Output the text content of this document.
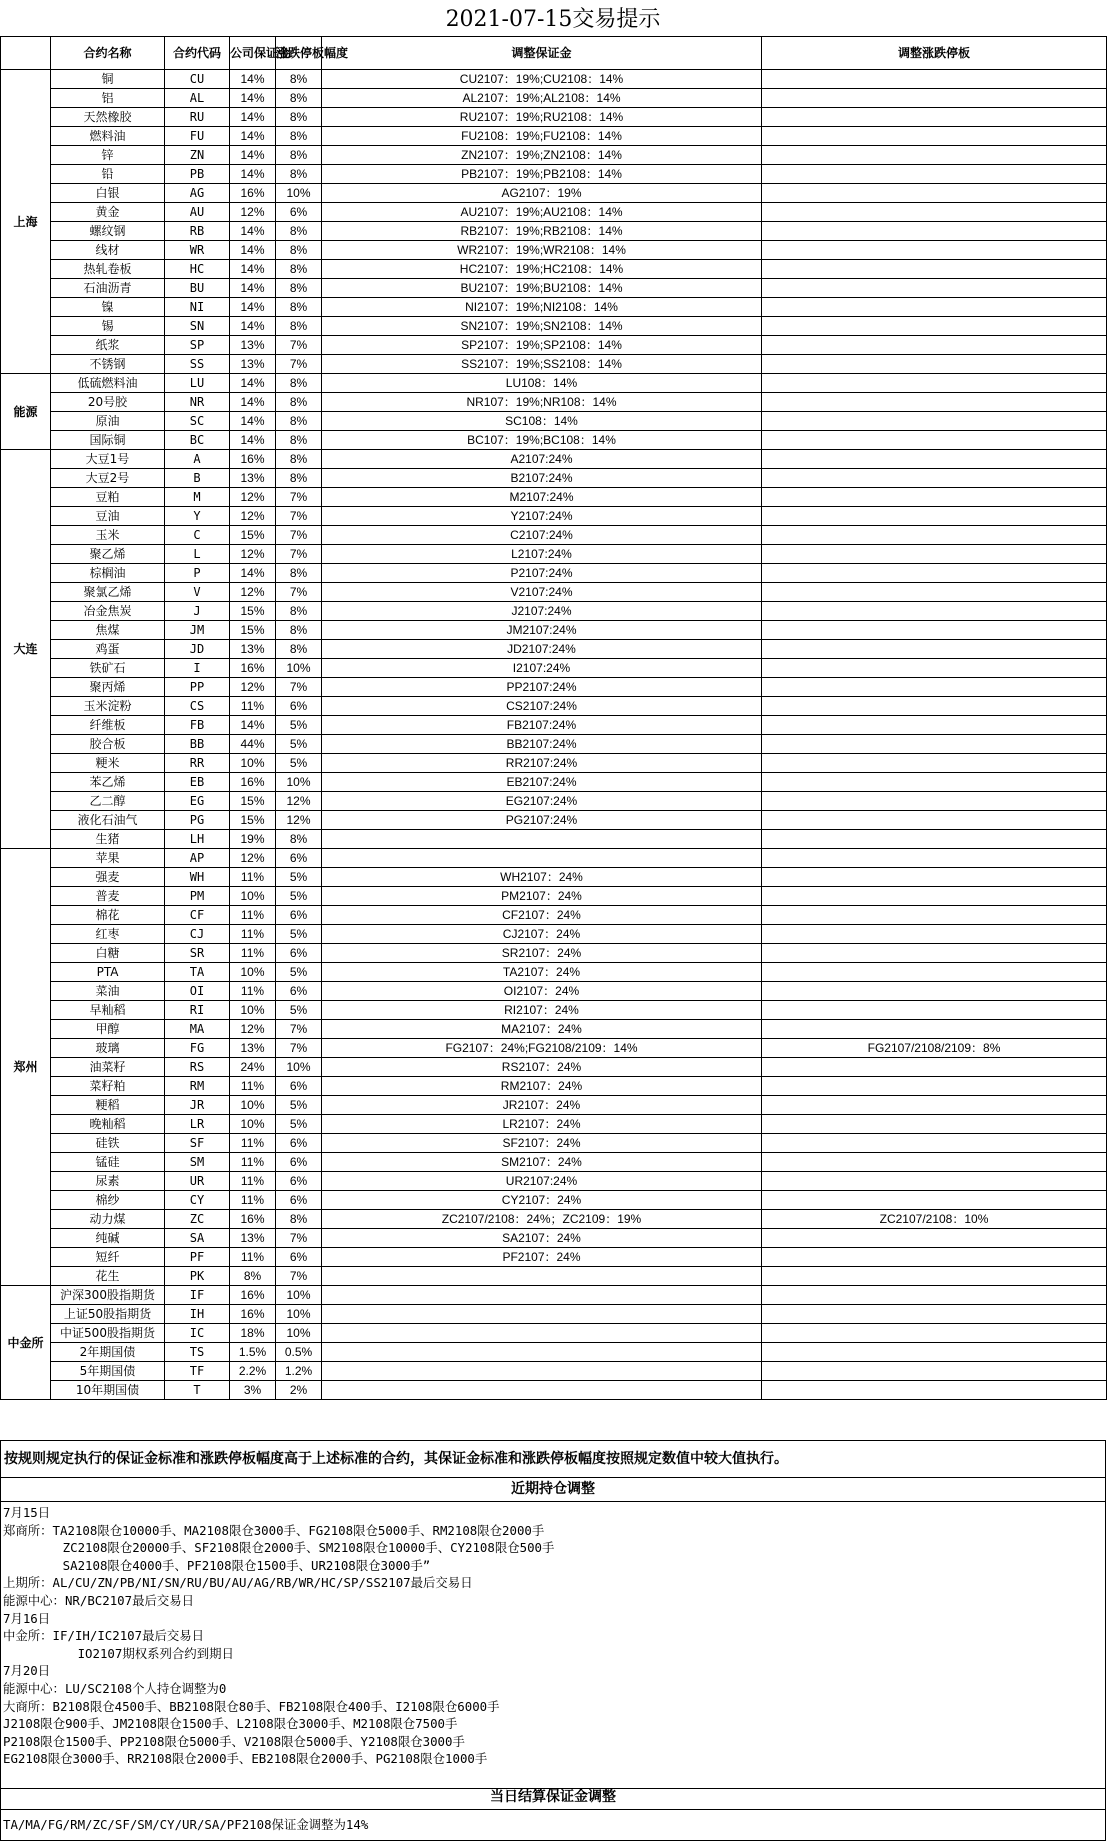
2021-07-15交易提示
	合约名称	合约代码	公司保证金	涨跌停板幅度	调整保证金	调整涨跌停板
上海	铜	CU	14%	8%	CU2107：19%;CU2108：14%	
	铝	AL	14%	8%	AL2107：19%;AL2108：14%	
	天然橡胶	RU	14%	8%	RU2107：19%;RU2108：14%	
	燃料油	FU	14%	8%	FU2108：19%;FU2108：14%	
	锌	ZN	14%	8%	ZN2107：19%;ZN2108：14%	
	铅	PB	14%	8%	PB2107：19%;PB2108：14%	
	白银	AG	16%	10%	AG2107：19%	
	黄金	AU	12%	6%	AU2107：19%;AU2108：14%	
	螺纹钢	RB	14%	8%	RB2107：19%;RB2108：14%	
	线材	WR	14%	8%	WR2107：19%;WR2108：14%	
	热轧卷板	HC	14%	8%	HC2107：19%;HC2108：14%	
	石油沥青	BU	14%	8%	BU2107：19%;BU2108：14%	
	镍	NI	14%	8%	NI2107：19%;NI2108：14%	
	锡	SN	14%	8%	SN2107：19%;SN2108：14%	
	纸浆	SP	13%	7%	SP2107：19%;SP2108：14%	
	不锈钢	SS	13%	7%	SS2107：19%;SS2108：14%	
能源	低硫燃料油	LU	14%	8%	LU108：14%	
	20号胶	NR	14%	8%	NR107：19%;NR108：14%	
	原油	SC	14%	8%	SC108：14%	
	国际铜	BC	14%	8%	BC107：19%;BC108：14%	
大连	大豆1号	A	16%	8%	A2107:24%	
	大豆2号	B	13%	8%	B2107:24%	
	豆粕	M	12%	7%	M2107:24%	
	豆油	Y	12%	7%	Y2107:24%	
	玉米	C	15%	7%	C2107:24%	
	聚乙烯	L	12%	7%	L2107:24%	
	棕榈油	P	14%	8%	P2107:24%	
	聚氯乙烯	V	12%	7%	V2107:24%	
	冶金焦炭	J	15%	8%	J2107:24%	
	焦煤	JM	15%	8%	JM2107:24%	
	鸡蛋	JD	13%	8%	JD2107:24%	
	铁矿石	I	16%	10%	I2107:24%	
	聚丙烯	PP	12%	7%	PP2107:24%	
	玉米淀粉	CS	11%	6%	CS2107:24%	
	纤维板	FB	14%	5%	FB2107:24%	
	胶合板	BB	44%	5%	BB2107:24%	
	粳米	RR	10%	5%	RR2107:24%	
	苯乙烯	EB	16%	10%	EB2107:24%	
	乙二醇	EG	15%	12%	EG2107:24%	
	液化石油气	PG	15%	12%	PG2107:24%	
	生猪	LH	19%	8%		
郑州	苹果	AP	12%	6%		
	强麦	WH	11%	5%	WH2107：24%	
	普麦	PM	10%	5%	PM2107：24%	
	棉花	CF	11%	6%	CF2107：24%	
	红枣	CJ	11%	5%	CJ2107：24%	
	白糖	SR	11%	6%	SR2107：24%	
	PTA	TA	10%	5%	TA2107：24%	
	菜油	OI	11%	6%	OI2107：24%	
	早籼稻	RI	10%	5%	RI2107：24%	
	甲醇	MA	12%	7%	MA2107：24%	
	玻璃	FG	13%	7%	FG2107：24%;FG2108/2109：14%	FG2107/2108/2109：8%
	油菜籽	RS	24%	10%	RS2107：24%	
	菜籽粕	RM	11%	6%	RM2107：24%	
	粳稻	JR	10%	5%	JR2107：24%	
	晚籼稻	LR	10%	5%	LR2107：24%	
	硅铁	SF	11%	6%	SF2107：24%	
	锰硅	SM	11%	6%	SM2107：24%	
	尿素	UR	11%	6%	UR2107:24%	
	棉纱	CY	11%	6%	CY2107：24%	
	动力煤	ZC	16%	8%	ZC2107/2108：24%；ZC2109：19%	ZC2107/2108：10%
	纯碱	SA	13%	7%	SA2107：24%	
	短纤	PF	11%	6%	PF2107：24%	
	花生	PK	8%	7%		
中金所	沪深300股指期货	IF	16%	10%		
	上证50股指期货	IH	16%	10%		
	中证500股指期货	IC	18%	10%		
	2年期国债	TS	1.5%	0.5%		
	5年期国债	TF	2.2%	1.2%		
	10年期国债	T	3%	2%		
按规则规定执行的保证金标准和涨跌停板幅度高于上述标准的合约，其保证金标准和涨跌停板幅度按照规定数值中较大值执行。
近期持仓调整
7月15日
郑商所：TA2108限仓10000手、MA2108限仓3000手、FG2108限仓5000手、RM2108限仓2000手
ZC2108限仓20000手、SF2108限仓2000手、SM2108限仓10000手、CY2108限仓500手
SA2108限仓4000手、PF2108限仓1500手、UR2108限仓3000手”
上期所：AL/CU/ZN/PB/NI/SN/RU/BU/AU/AG/RB/WR/HC/SP/SS2107最后交易日
能源中心：NR/BC2107最后交易日
7月16日
中金所：IF/IH/IC2107最后交易日
IO2107期权系列合约到期日
7月20日
能源中心：LU/SC2108个人持仓调整为0
大商所：B2108限仓4500手、BB2108限仓80手、FB2108限仓400手、I2108限仓6000手
J2108限仓900手、JM2108限仓1500手、L2108限仓3000手、M2108限仓7500手
P2108限仓1500手、PP2108限仓5000手、V2108限仓5000手、Y2108限仓3000手
EG2108限仓3000手、RR2108限仓2000手、EB2108限仓2000手、PG2108限仓1000手
当日结算保证金调整
TA/MA/FG/RM/ZC/SF/SM/CY/UR/SA/PF2108保证金调整为14%
